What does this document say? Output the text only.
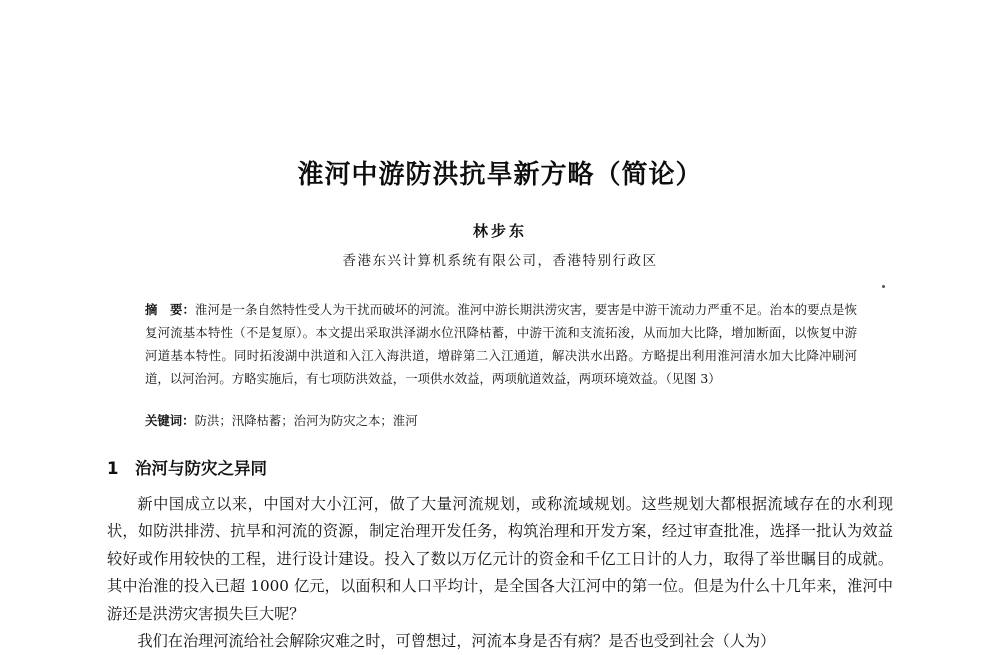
淮河中游防洪抗旱新方略（简论）
林步东
香港东兴计算机系统有限公司，香港特别行政区
摘　要：淮河是一条自然特性受人为干扰而破坏的河流。淮河中游长期洪涝灾害，要害是中游干流动力严重不足。治本的要点是恢复河流基本特性（不是复原）。本文提出采取洪泽湖水位汛降枯蓄，中游干流和支流拓浚，从而加大比降，增加断面，以恢复中游河道基本特性。同时拓浚湖中洪道和入江入海洪道，增辟第二入江通道，解决洪水出路。方略提出利用淮河清水加大比降冲刷河道，以河治河。方略实施后，有七项防洪效益，一项供水效益，两项航道效益，两项环境效益。（见图 3）
关键词：防洪；汛降枯蓄；治河为防灾之本；淮河
1 治河与防灾之异同

新中国成立以来，中国对大小江河，做了大量河流规划，或称流域规划。这些规划大都根据流域存在的水利现状，如防洪排涝、抗旱和河流的资源，制定治理开发任务，构筑治理和开发方案，经过审查批准，选择一批认为效益较好或作用较快的工程，进行设计建设。投入了数以万亿元计的资金和千亿工日计的人力，取得了举世瞩目的成就。其中治淮的投入已超 1000 亿元，以面积和人口平均计，是全国各大江河中的第一位。但是为什么十几年来，淮河中游还是洪涝灾害损失巨大呢？

我们在治理河流给社会解除灾难之时，可曾想过，河流本身是否有病？是否也受到社会（人为）
